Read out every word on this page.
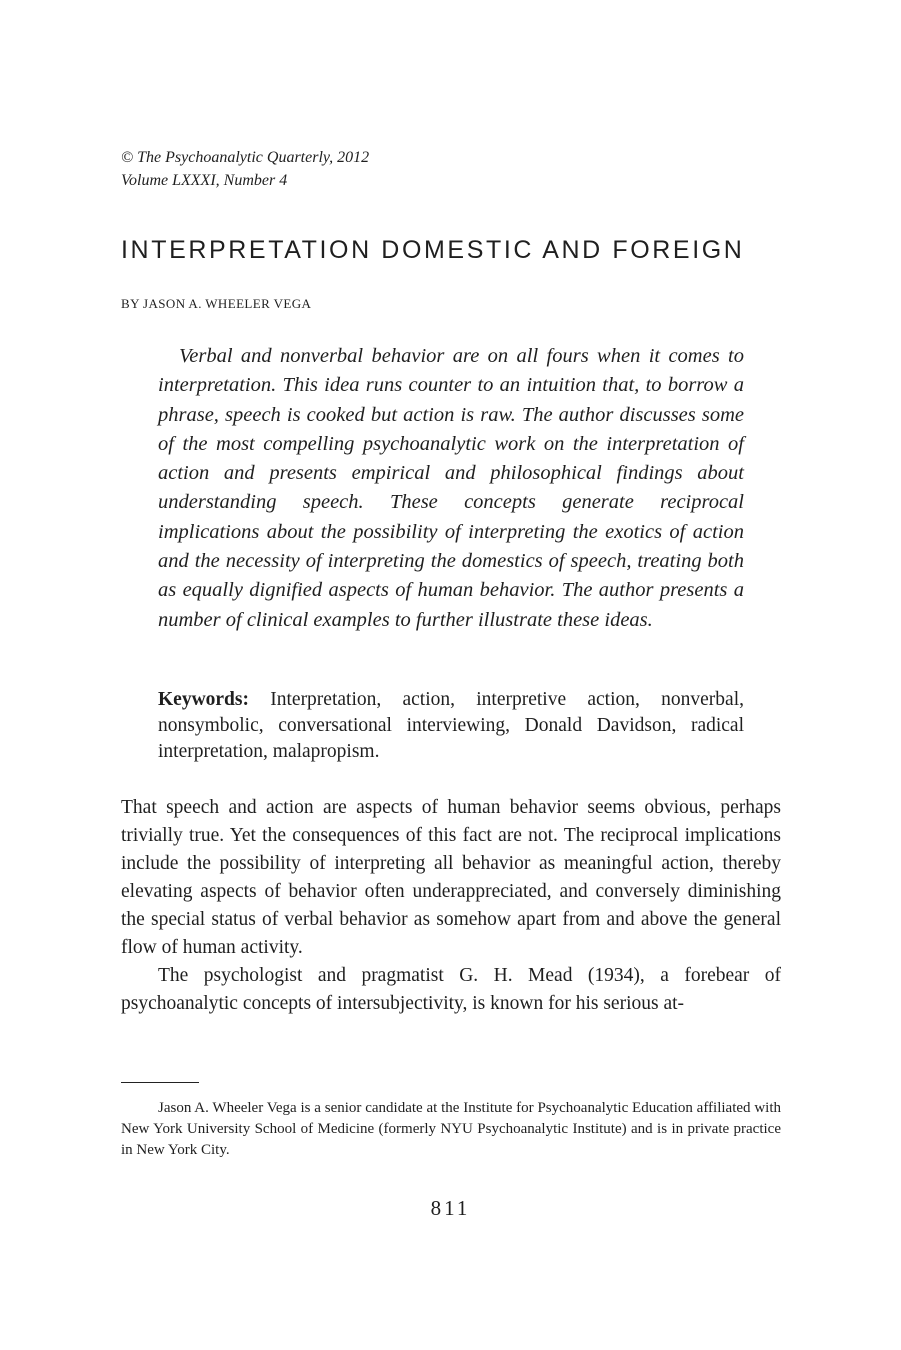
© The Psychoanalytic Quarterly, 2012
Volume LXXXI, Number 4
INTERPRETATION DOMESTIC AND FOREIGN
BY JASON A. WHEELER VEGA

Verbal and nonverbal behavior are on all fours when it comes to interpretation. This idea runs counter to an intuition that, to borrow a phrase, speech is cooked but action is raw. The author discusses some of the most compelling psychoanalytic work on the interpretation of action and presents empirical and philosophical findings about understanding speech. These concepts generate reciprocal implications about the possibility of interpreting the exotics of action and the necessity of interpreting the domestics of speech, treating both as equally dignified aspects of human behavior. The author presents a number of clinical examples to further illustrate these ideas.

Keywords: Interpretation, action, interpretive action, nonverbal, nonsymbolic, conversational interviewing, Donald Davidson, radical interpretation, malapropism.

That speech and action are aspects of human behavior seems obvious, perhaps trivially true. Yet the consequences of this fact are not. The reciprocal implications include the possibility of interpreting all behavior as meaningful action, thereby elevating aspects of behavior often underappreciated, and conversely diminishing the special status of verbal behavior as somehow apart from and above the general flow of human activity.

The psychologist and pragmatist G. H. Mead (1934), a forebear of psychoanalytic concepts of intersubjectivity, is known for his serious at-

Jason A. Wheeler Vega is a senior candidate at the Institute for Psychoanalytic Education affiliated with New York University School of Medicine (formerly NYU Psychoanalytic Institute) and is in private practice in New York City.

811
